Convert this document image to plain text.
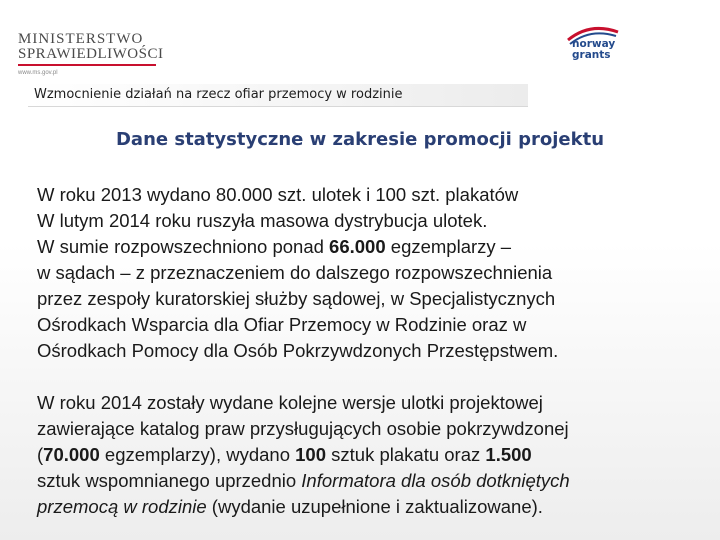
MINISTERSTWO
SPRAWIEDLIWOŚCI
www.ms.gov.pl
norway
grants
Wzmocnienie działań na rzecz ofiar przemocy w rodzinie
Dane statystyczne w zakresie promocji projektu

W roku 2013 wydano 80.000 szt. ulotek i 100 szt. plakatów

W lutym 2014 roku ruszyła masowa dystrybucja ulotek.

W sumie rozpowszechniono ponad 66.000 egzemplarzy –

w sądach – z przeznaczeniem do dalszego rozpowszechnienia

przez zespoły kuratorskiej służby sądowej, w Specjalistycznych

Ośrodkach Wsparcia dla Ofiar Przemocy w Rodzinie oraz w

Ośrodkach Pomocy dla Osób Pokrzywdzonych Przestępstwem.

W roku 2014 zostały wydane kolejne wersje ulotki projektowej

zawierające katalog praw przysługujących osobie pokrzywdzonej

(70.000 egzemplarzy), wydano 100 sztuk plakatu oraz 1.500

sztuk wspomnianego uprzednio Informatora dla osób dotkniętych

przemocą w rodzinie (wydanie uzupełnione i zaktualizowane).
